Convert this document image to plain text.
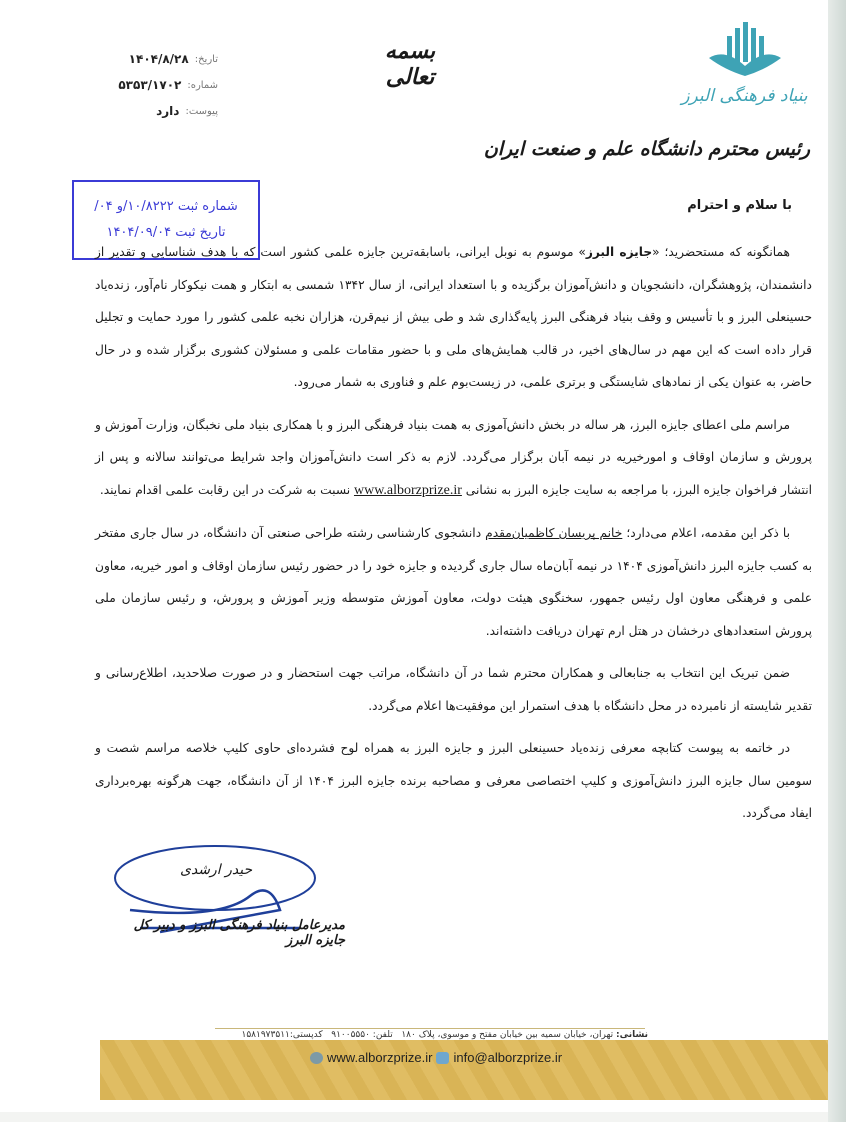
بنیاد فرهنگی البرز
بسمه تعالی
تاریخ:
۱۴۰۴/۸/۲۸
شماره:
۵۳۵۳/۱۷۰۲
پیوست:
دارد
رئیس محترم دانشگاه علم و صنعت ایران
شماره ثبت ۱۰/۸۲۲۲/و ۰۴/
تاریخ ثبت ۱۴۰۴/۰۹/۰۴
با سلام و احترام

همانگونه که مستحضرید؛ «جایزه البرز» موسوم به نوبل ایرانی، باسابقه‌ترین جایزه علمی کشور است که با هدف شناسایی و تقدیر از دانشمندان، پژوهشگران، دانشجویان و دانش‌آموزان برگزیده و با استعداد ایرانی، از سال ۱۳۴۲ شمسی به ابتکار و همت نیکوکار نام‌آور، زنده‌یاد حسینعلی البرز و با تأسیس و وقف بنیاد فرهنگی البرز پایه‌گذاری شد و طی بیش از نیم‌قرن، هزاران نخبه علمی کشور را مورد حمایت و تجلیل قرار داده است که این مهم در سال‌های اخیر، در قالب همایش‌های ملی و با حضور مقامات علمی و مسئولان کشوری برگزار شده و در حال حاضر، به عنوان یکی از نمادهای شایستگی و برتری علمی، در زیست‌بوم علم و فناوری به شمار می‌رود.

مراسم ملی اعطای جایزه البرز، هر ساله در بخش دانش‌آموزی به همت بنیاد فرهنگی البرز و با همکاری بنیاد ملی نخبگان، وزارت آموزش و پرورش و سازمان اوقاف و امورخیریه در نیمه آبان برگزار می‌گردد. لازم به ذکر است دانش‌آموزان واجد شرایط می‌توانند سالانه و پس از انتشار فراخوان جایزه البرز، با مراجعه به سایت جایزه البرز به نشانی www.alborzprize.ir نسبت به شرکت در این رقابت علمی اقدام نمایند.

با ذکر این مقدمه، اعلام می‌دارد؛ خانم پریسان کاظمیان‌مقدم دانشجوی کارشناسی رشته طراحی صنعتی آن دانشگاه، در سال جاری مفتخر به کسب جایزه البرز دانش‌آموزی ۱۴۰۴ در نیمه آبان‌ماه سال جاری گردیده و جایزه خود را در حضور رئیس سازمان اوقاف و امور خیریه، معاون علمی و فرهنگی معاون اول رئیس جمهور، سخنگوی هیئت دولت، معاون آموزش متوسطه وزیر آموزش و پرورش، و رئیس سازمان ملی پرورش استعدادهای درخشان در هتل ارم تهران دریافت داشته‌اند.

ضمن تبریک این انتخاب به جنابعالی و همکاران محترم شما در آن دانشگاه، مراتب جهت استحضار و در صورت صلاحدید، اطلاع‌رسانی و تقدیر شایسته از نامبرده در محل دانشگاه با هدف استمرار این موفقیت‌ها اعلام می‌گردد.

در خاتمه به پیوست کتابچه معرفی زنده‌یاد حسینعلی البرز و جایزه البرز به همراه لوح فشرده‌ای حاوی کلیپ خلاصه مراسم شصت و سومین سال جایزه البرز دانش‌آموزی و کلیپ اختصاصی معرفی و مصاحبه برنده جایزه البرز ۱۴۰۴ از آن دانشگاه، جهت هرگونه بهره‌برداری ایفاد می‌گردد.

حیدر ارشدی
مدیرعامل بنیاد فرهنگی البرز و دبیر کل جایزه البرز
نشانی: تهران، خیابان سمیه بین خیابان مفتح و موسوی، پلاک ۱۸۰   تلفن: ۹۱۰۰۵۵۵۰   کدپستی:۱۵۸۱۹۷۳۵۱۱
www.alborzprize.ir info@alborzprize.ir
